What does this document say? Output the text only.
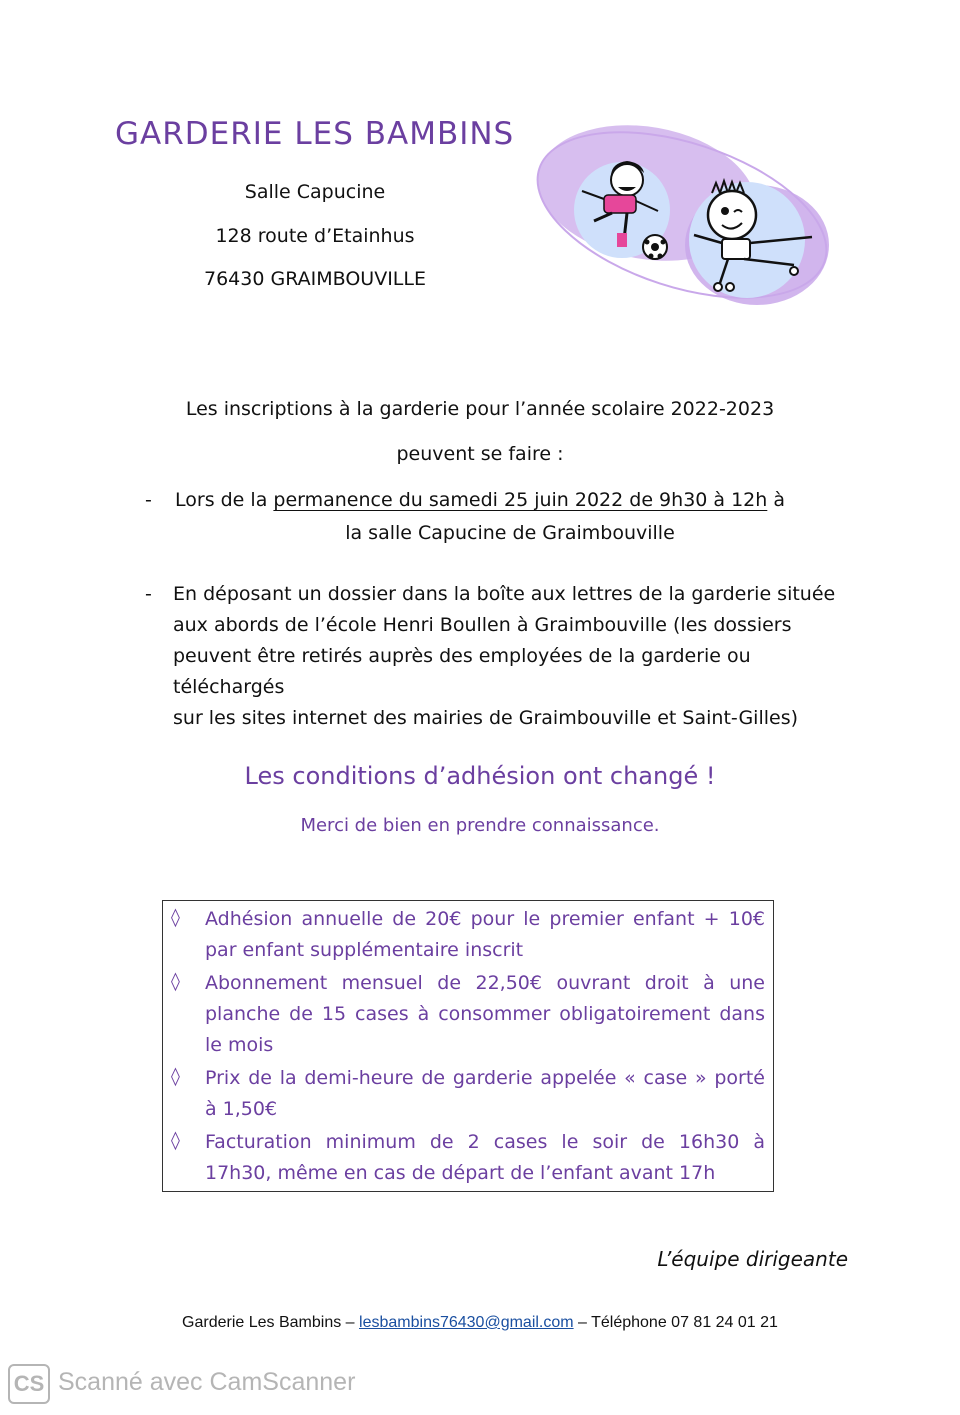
GARDERIE LES BAMBINS
Salle Capucine
128 route d’Etainhus
76430 GRAIMBOUVILLE
Les inscriptions à la garderie pour l’année scolaire 2022-2023
peuvent se faire :
- Lors de la permanence du samedi 25 juin 2022 de 9h30 à 12h à
la salle Capucine de Graimbouville
- En déposant un dossier dans la boîte aux lettres de la garderie située
aux abords de l’école Henri Boullen à Graimbouville (les dossiers
peuvent être retirés auprès des employées de la garderie ou téléchargés
sur les sites internet des mairies de Graimbouville et Saint-Gilles)
Les conditions d’adhésion ont changé !
Merci de bien en prendre connaissance.
◊ Adhésion annuelle de 20€ pour le premier enfant + 10€ par enfant supplémentaire inscrit
◊ Abonnement mensuel de 22,50€ ouvrant droit à une planche de 15 cases à consommer obligatoirement dans le mois
◊ Prix de la demi-heure de garderie appelée « case » porté à 1,50€
◊ Facturation minimum de 2 cases le soir de 16h30 à 17h30, même en cas de départ de l’enfant avant 17h
L’équipe dirigeante
Garderie Les Bambins – lesbambins76430@gmail.com – Téléphone 07 81 24 01 21
CS Scanné avec CamScanner
